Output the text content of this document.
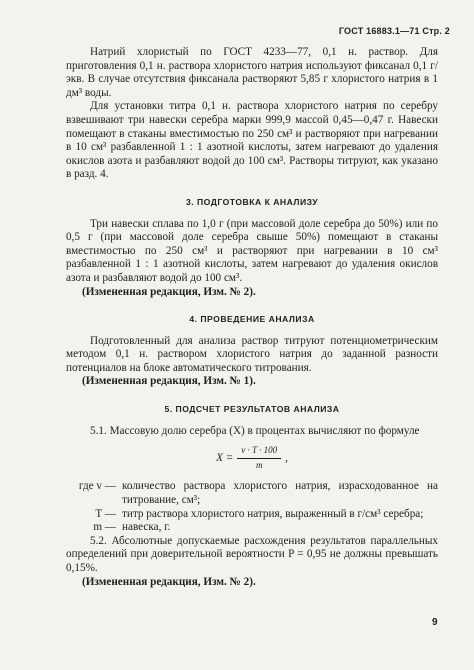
ГОСТ 16883.1—71 Стр. 2

Натрий хлористый по ГОСТ 4233—77, 0,1 н. раствор. Для приготовления 0,1 н. раствора хлористого натрия используют фиксанал 0,1 г/экв. В случае отсутствия фиксанала растворяют 5,85 г хлористого натрия в 1 дм³ воды.

Для установки титра 0,1 н. раствора хлористого натрия по серебру взвешивают три навески серебра марки 999,9 массой 0,45—0,47 г. Навески помещают в стаканы вместимостью по 250 см³ и растворяют при нагревании в 10 см³ разбавленной 1 : 1 азотной кислоты, затем нагревают до удаления окислов азота и разбавляют водой до 100 см³. Растворы титруют, как указано в разд. 4.

3. ПОДГОТОВКА К АНАЛИЗУ

Три навески сплава по 1,0 г (при массовой доле серебра до 50%) или по 0,5 г (при массовой доле серебра свыше 50%) помещают в стаканы вместимостью по 250 см³ и растворяют при нагревании в 10 см³ разбавленной 1 : 1 азотной кислоты, затем нагревают до удаления окислов азота и разбавляют водой до 100 см³.

(Измененная редакция, Изм. № 2).

4. ПРОВЕДЕНИЕ АНАЛИЗА

Подготовленный для анализа раствор титруют потенциометрическим методом 0,1 н. раствором хлористого натрия до заданной разности потенциалов на блоке автоматического титрования.

(Измененная редакция, Изм. № 1).

5. ПОДСЧЕТ РЕЗУЛЬТАТОВ АНАЛИЗА

5.1. Массовую долю серебра (X) в процентах вычисляют по формуле

$X = \frac{v \cdot T \cdot 100}{m}$ ,
где v — количество раствора хлористого натрия, израсходованное на титрование, см³;
T — титр раствора хлористого натрия, выраженный в г/см³ серебра;
m — навеска, г.

5.2. Абсолютные допускаемые расхождения результатов параллельных определений при доверительной вероятности P = 0,95 не должны превышать 0,15%.

(Измененная редакция, Изм. № 2).

9
